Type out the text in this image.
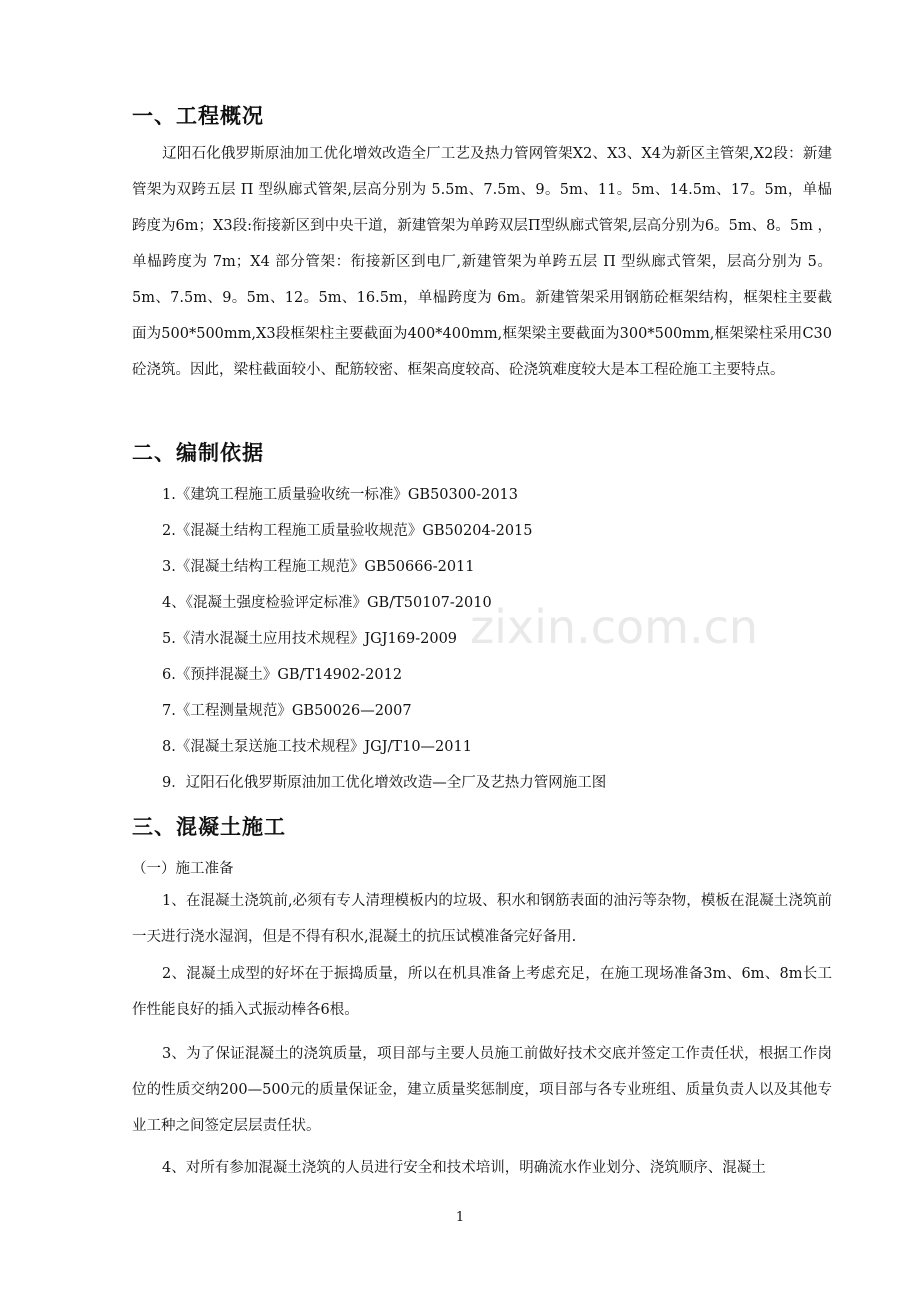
一、工程概况
辽阳石化俄罗斯原油加工优化增效改造全厂工艺及热力管网管架X2、X3、X4为新区主管架,X2段：新建管架为双跨五层 Π 型纵廊式管架,层高分别为 5.5m、7.5m、9。5m、11。5m、14.5m、17。5m，单榀跨度为6m；X3段:衔接新区到中央干道，新建管架为单跨双层Π型纵廊式管架,层高分别为6。5m、8。5m ，单榀跨度为 7m；X4 部分管架：衔接新区到电厂,新建管架为单跨五层 Π 型纵廊式管架，层高分别为 5。5m、7.5m、9。5m、12。5m、16.5m，单榀跨度为 6m。新建管架采用钢筋砼框架结构，框架柱主要截面为500*500mm,X3段框架柱主要截面为400*400mm,框架梁主要截面为300*500mm,框架梁柱采用C30砼浇筑。因此，梁柱截面较小、配筋较密、框架高度较高、砼浇筑难度较大是本工程砼施工主要特点。
二、编制依据
1.《建筑工程施工质量验收统一标准》GB50300-2013
2.《混凝土结构工程施工质量验收规范》GB50204-2015
3.《混凝土结构工程施工规范》GB50666-2011
4、《混凝土强度检验评定标准》GB/T50107-2010
5.《清水混凝土应用技术规程》JGJ169-2009
6.《预拌混凝土》GB/T14902-2012
7.《工程测量规范》GB50026—2007
8.《混凝土泵送施工技术规程》JGJ/T10—2011
9．辽阳石化俄罗斯原油加工优化增效改造—全厂及艺热力管网施工图
三、混凝土施工
（一）施工准备
1、在混凝土浇筑前,必须有专人清理模板内的垃圾、积水和钢筋表面的油污等杂物，模板在混凝土浇筑前一天进行浇水湿润，但是不得有积水,混凝土的抗压试模准备完好备用.
2、混凝土成型的好坏在于振捣质量，所以在机具准备上考虑充足，在施工现场准备3m、6m、8m长工作性能良好的插入式振动棒各6根。
3、为了保证混凝土的浇筑质量，项目部与主要人员施工前做好技术交底并签定工作责任状，根据工作岗位的性质交纳200—500元的质量保证金，建立质量奖惩制度，项目部与各专业班组、质量负责人以及其他专业工种之间签定层层责任状。
4、对所有参加混凝土浇筑的人员进行安全和技术培训，明确流水作业划分、浇筑顺序、混凝土
zixin.com.cn
1
